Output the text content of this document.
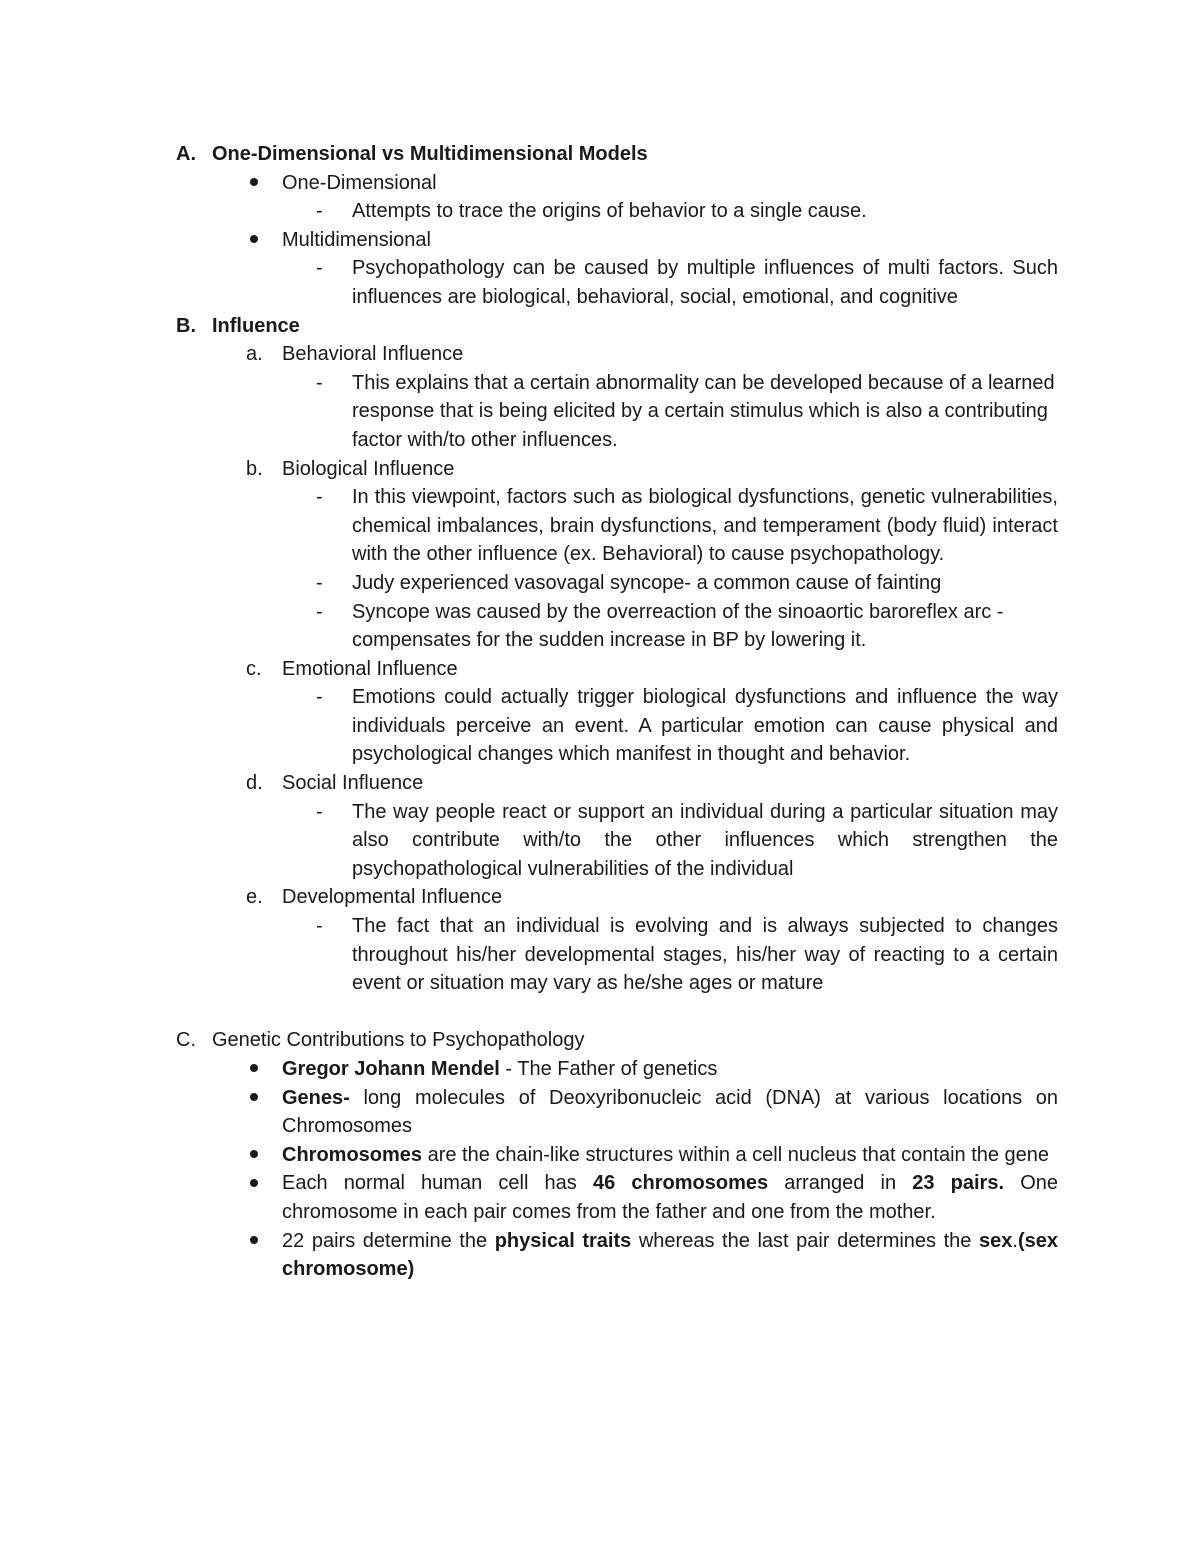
A. One-Dimensional vs Multidimensional Models
One-Dimensional
- Attempts to trace the origins of behavior to a single cause.
Multidimensional
- Psychopathology can be caused by multiple influences of multi factors. Such influences are biological, behavioral, social, emotional, and cognitive
B. Influence
a. Behavioral Influence
- This explains that a certain abnormality can be developed because of a learned response that is being elicited by a certain stimulus which is also a contributing factor with/to other influences.
b. Biological Influence
- In this viewpoint, factors such as biological dysfunctions, genetic vulnerabilities, chemical imbalances, brain dysfunctions, and temperament (body fluid) interact with the other influence (ex. Behavioral) to cause psychopathology.
- Judy experienced vasovagal syncope- a common cause of fainting
- Syncope was caused by the overreaction of the sinoaortic baroreflex arc - compensates for the sudden increase in BP by lowering it.
c. Emotional Influence
- Emotions could actually trigger biological dysfunctions and influence the way individuals perceive an event. A particular emotion can cause physical and psychological changes which manifest in thought and behavior.
d. Social Influence
- The way people react or support an individual during a particular situation may also contribute with/to the other influences which strengthen the psychopathological vulnerabilities of the individual
e. Developmental Influence
- The fact that an individual is evolving and is always subjected to changes throughout his/her developmental stages, his/her way of reacting to a certain event or situation may vary as he/she ages or mature
C. Genetic Contributions to Psychopathology
Gregor Johann Mendel - The Father of genetics
Genes- long molecules of Deoxyribonucleic acid (DNA) at various locations on Chromosomes
Chromosomes are the chain-like structures within a cell nucleus that contain the gene
Each normal human cell has 46 chromosomes arranged in 23 pairs. One chromosome in each pair comes from the father and one from the mother.
22 pairs determine the physical traits whereas the last pair determines the sex.(sex chromosome)
